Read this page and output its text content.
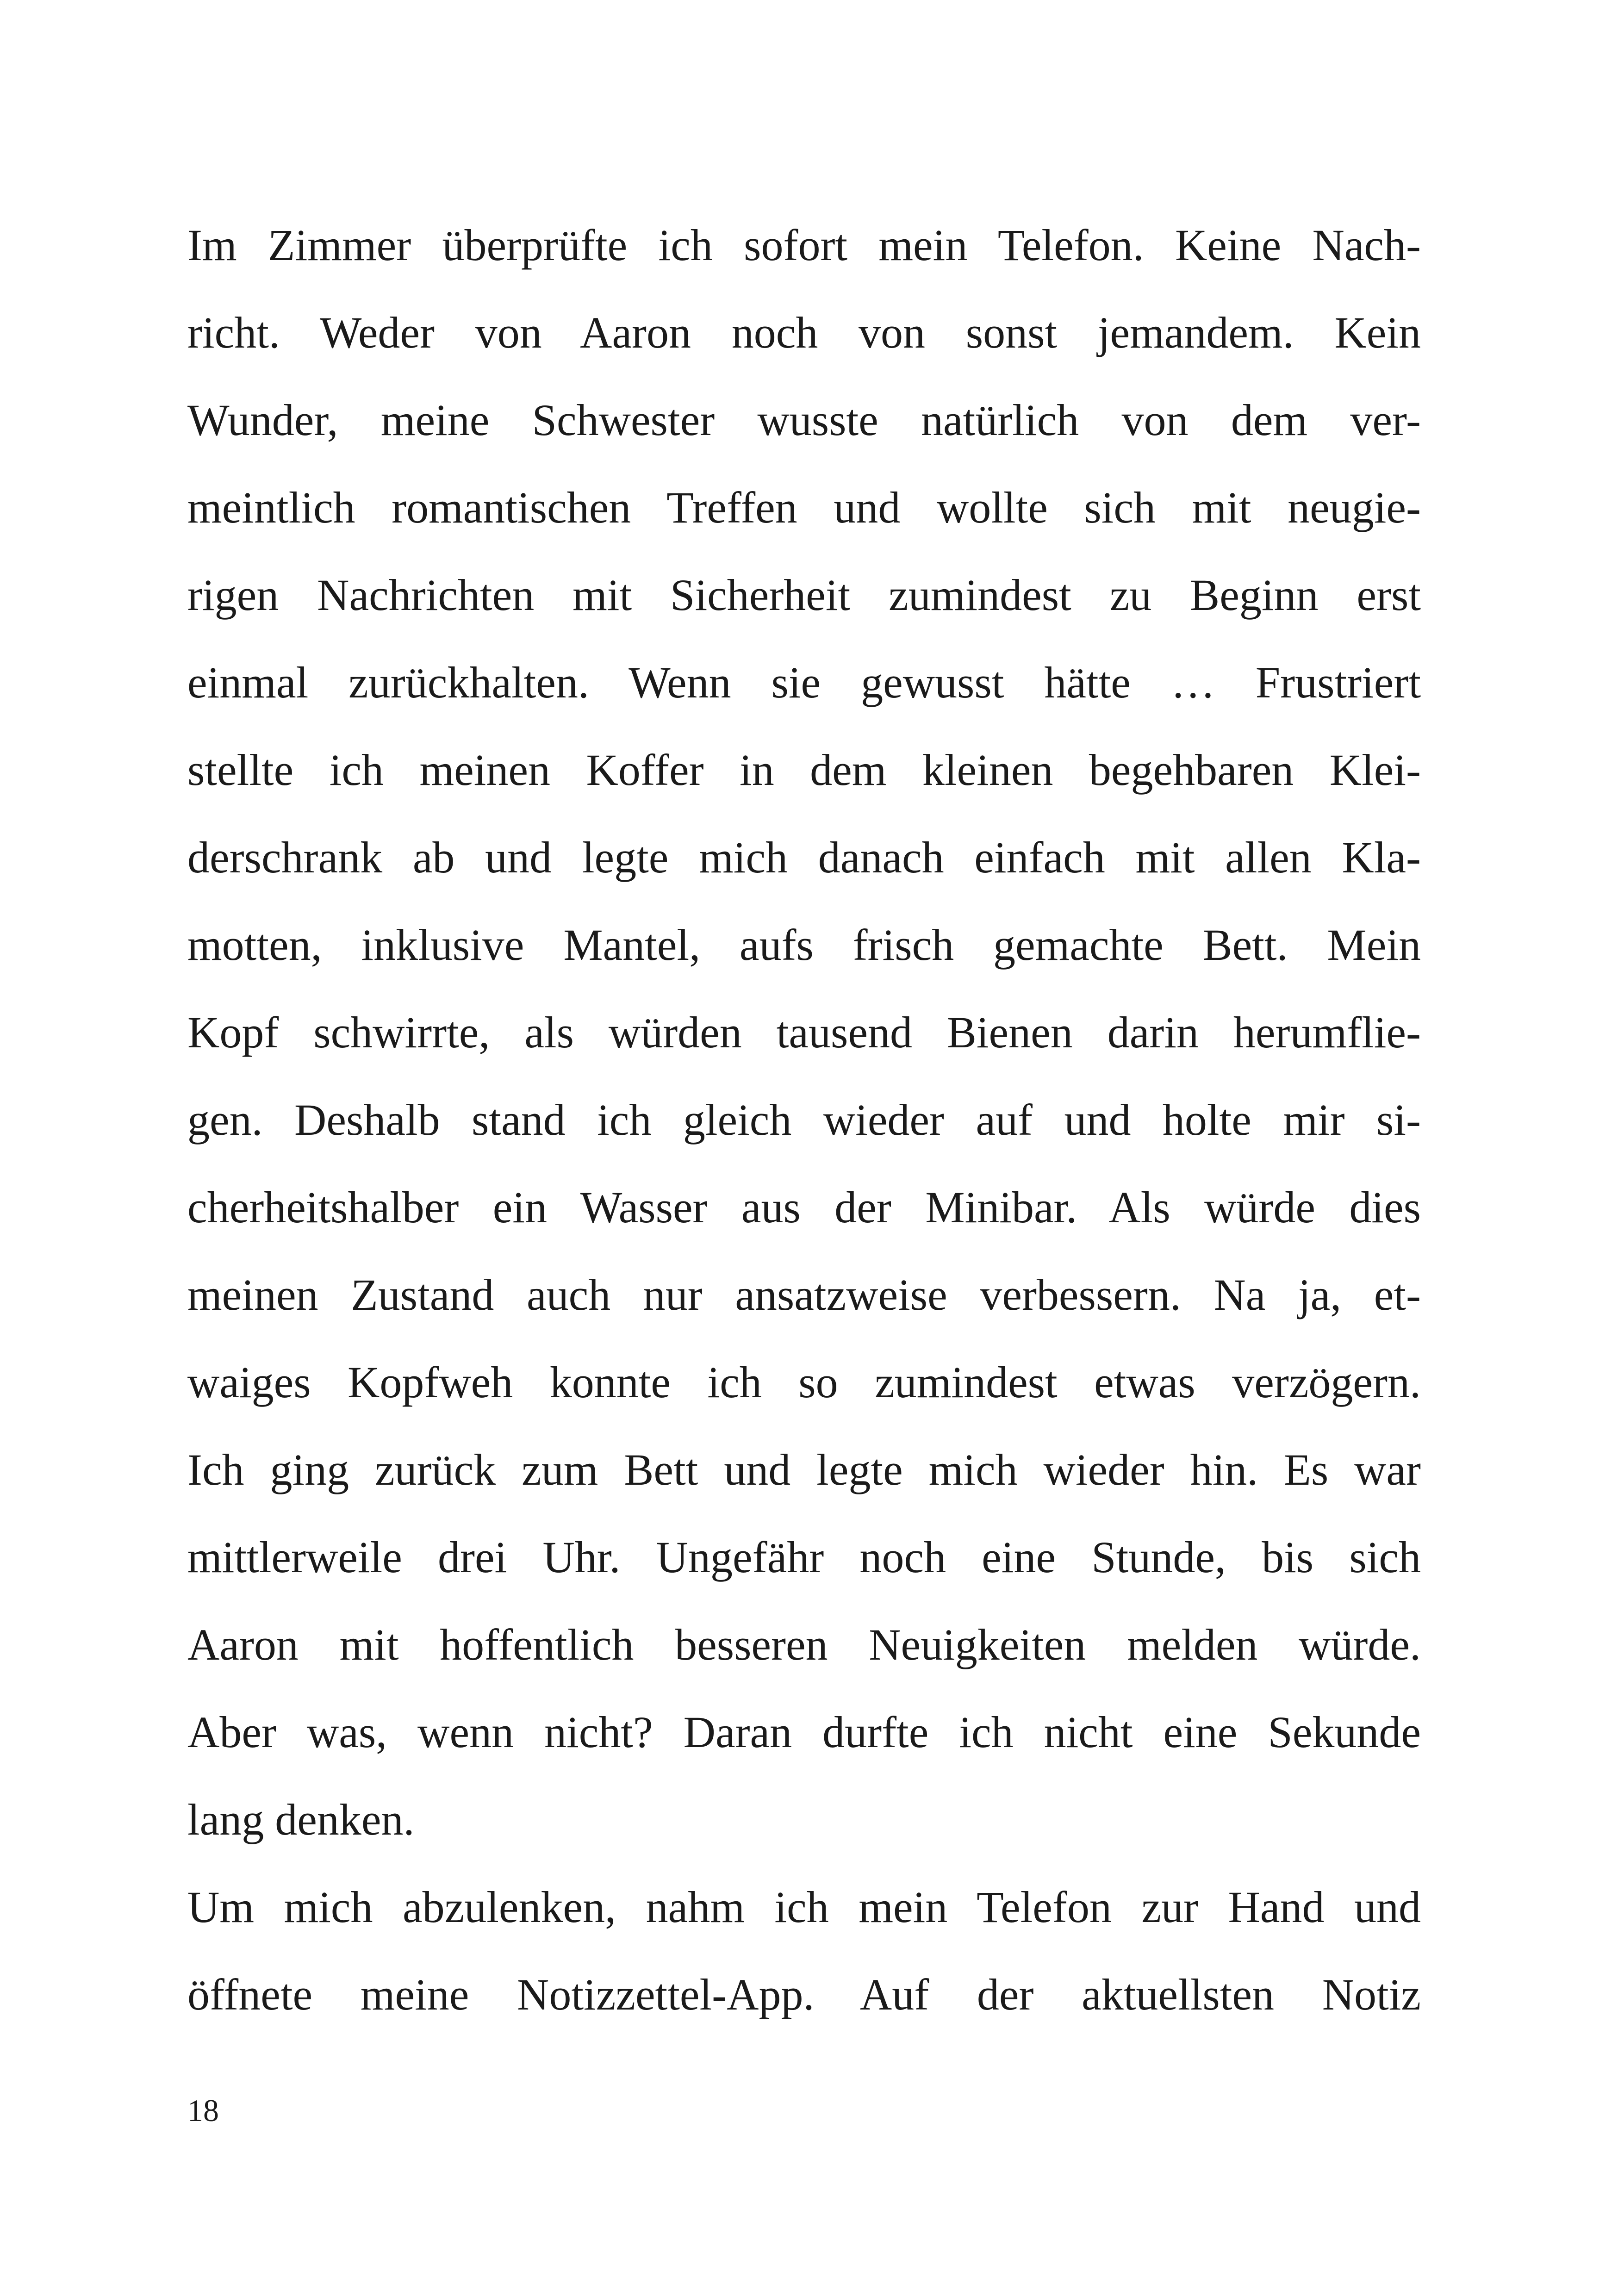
Im Zimmer überprüfte ich sofort mein Telefon. Keine Nach-
richt. Weder von Aaron noch von sonst jemandem. Kein
Wunder, meine Schwester wusste natürlich von dem ver-
meintlich romantischen Treffen und wollte sich mit neugie-
rigen Nachrichten mit Sicherheit zumindest zu Beginn erst
einmal zurückhalten. Wenn sie gewusst hätte … Frustriert
stellte ich meinen Koffer in dem kleinen begehbaren Klei-
derschrank ab und legte mich danach einfach mit allen Kla-
motten, inklusive Mantel, aufs frisch gemachte Bett. Mein
Kopf schwirrte, als würden tausend Bienen darin herumflie-
gen. Deshalb stand ich gleich wieder auf und holte mir si-
cherheitshalber ein Wasser aus der Minibar. Als würde dies
meinen Zustand auch nur ansatzweise verbessern. Na ja, et-
waiges Kopfweh konnte ich so zumindest etwas verzögern.
Ich ging zurück zum Bett und legte mich wieder hin. Es war
mittlerweile drei Uhr. Ungefähr noch eine Stunde, bis sich
Aaron mit hoffentlich besseren Neuigkeiten melden würde.
Aber was, wenn nicht? Daran durfte ich nicht eine Sekunde
lang denken.
Um mich abzulenken, nahm ich mein Telefon zur Hand und
öffnete meine Notizzettel-App. Auf der aktuellsten Notiz
18
